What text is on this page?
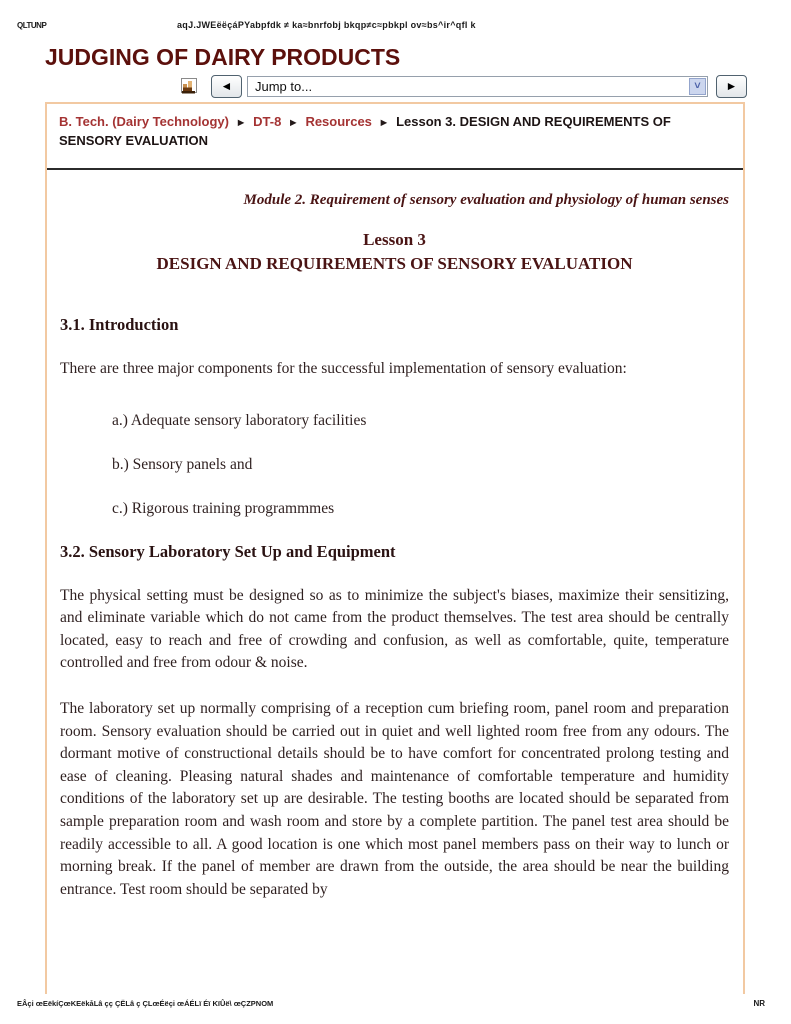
QLTUNP	aqJ.JWEëëçáPYabpfdk ≠ ka≈bnrfobj bkqp≠c≈pbkpl ov≈bs^ir^qfl k
JUDGING OF DAIRY PRODUCTS
◄ Jump to...	˅	►
B. Tech. (Dairy Technology) ► DT-8 ► Resources ► Lesson 3. DESIGN AND REQUIREMENTS OF SENSORY EVALUATION
Module 2. Requirement of sensory evaluation and physiology of human senses
Lesson 3
DESIGN AND REQUIREMENTS OF SENSORY EVALUATION
3.1. Introduction

There are three major components for the successful implementation of sensory evaluation:

a.) Adequate sensory laboratory facilities
b.) Sensory panels and
c.) Rigorous training programmmes
3.2. Sensory Laboratory Set Up and Equipment

The physical setting must be designed so as to minimize the subject's biases, maximize their sensitizing, and eliminate variable which do not came from the product themselves. The test area should be centrally located, easy to reach and free of crowding and confusion, as well as comfortable, quite, temperature controlled and free from odour & noise.

The laboratory set up normally comprising of a reception cum briefing room, panel room and preparation room. Sensory evaluation should be carried out in quiet and well lighted room free from any odours. The dormant motive of constructional details should be to have comfort for concentrated prolong testing and ease of cleaning. Pleasing natural shades and maintenance of comfortable temperature and humidity conditions of the laboratory set up are desirable. The testing booths are located should be separated from sample preparation room and wash room and store by a complete partition. The panel test area should be readily accessible to all. A good location is one which most panel members pass on their way to lunch or morning break. If the panel of member are drawn from the outside, the area should be near the building entrance. Test room should be separated by

EÂçi œEëkíÇœKEëkåLâ çç ÇËLâ ç ÇLœÉëçi œÁÉLï Éï KïÛë\ œÇZPNOM	NR
